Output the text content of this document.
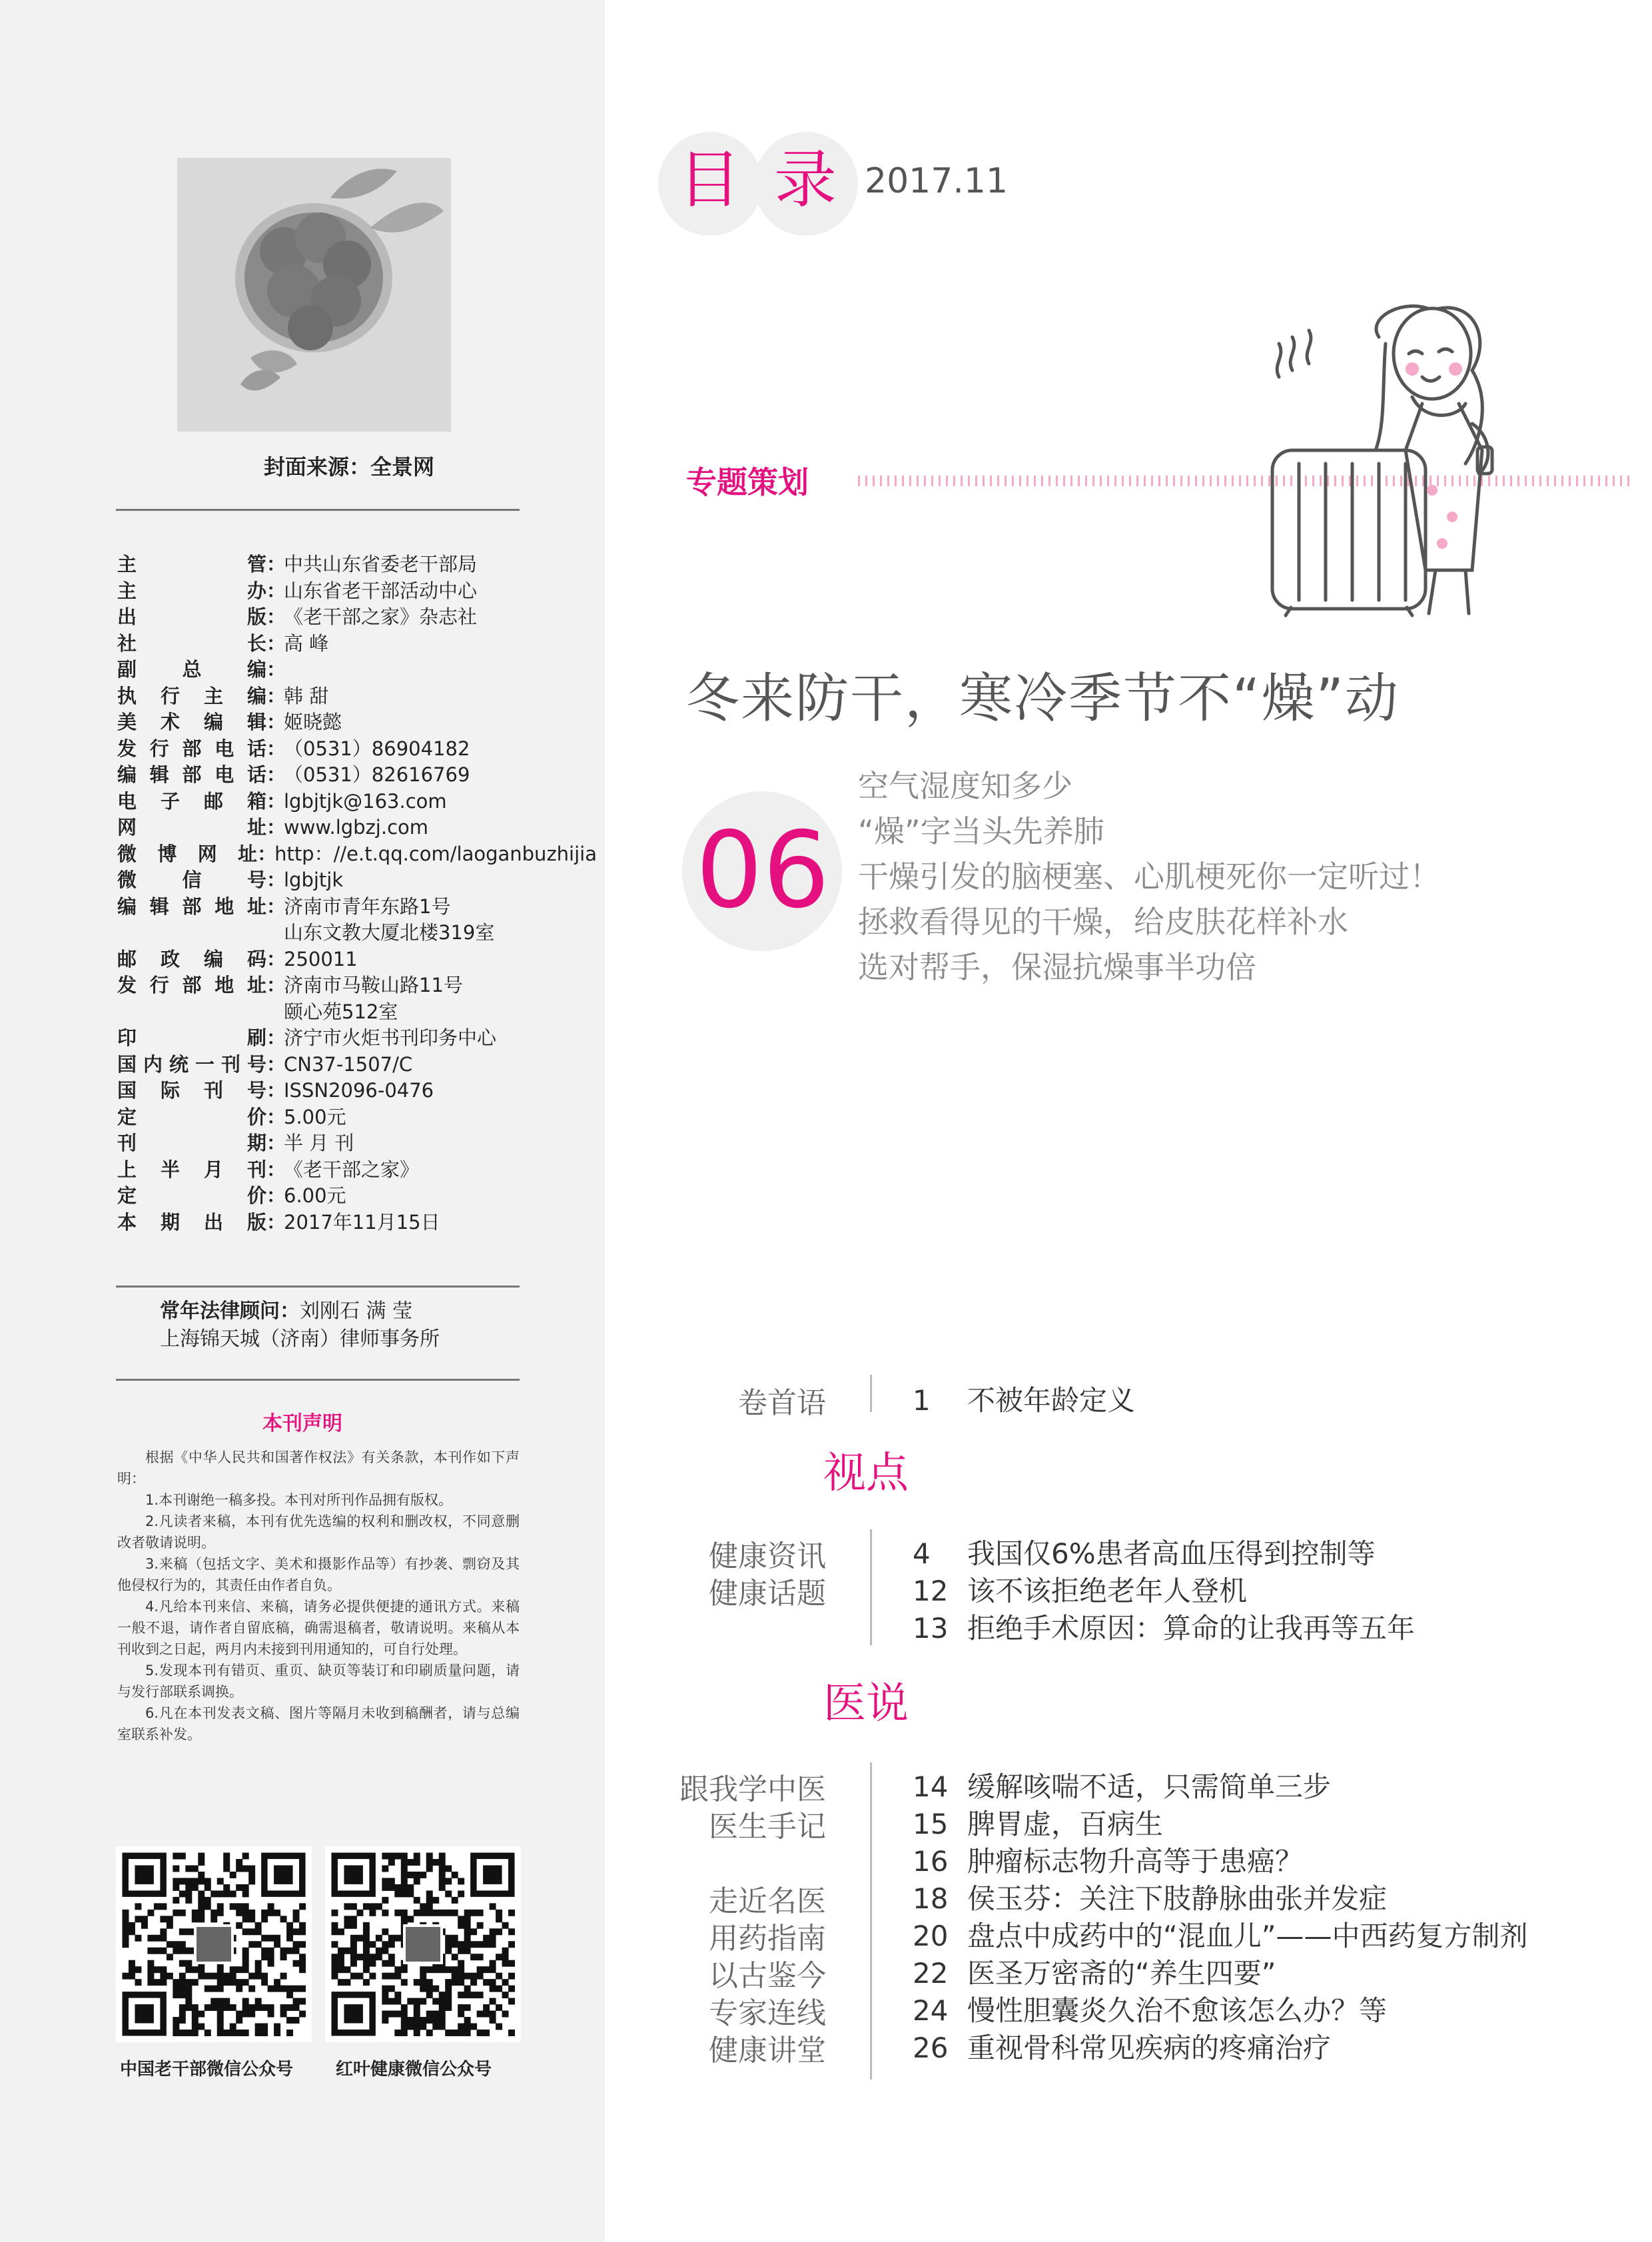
封面来源：全景网
主管 ：
中共山东省委老干部局
主办 ：
山东省老干部活动中心
出版 ：
《老干部之家》杂志社
社长 ：
高 峰
副总编 ：
执行主编 ：
韩 甜
美术编辑 ：
姬晓懿
发行部电话 ：
（0531）86904182
编辑部电话 ：
（0531）82616769
电子邮箱 ：
lgbjtjk@163.com
网址 ：
www.lgbzj.com
微博网址 ：
http：//e.t.qq.com/laoganbuzhijia
微信号 ：
lgbjtjk
编辑部地址 ：
济南市青年东路1号
山东文教大厦北楼319室
邮政编码 ：
250011
发行部地址 ：
济南市马鞍山路11号
颐心苑512室
印刷 ：
济宁市火炬书刊印务中心
国内统一刊号 ：
CN37-1507/C
国际刊号 ：
ISSN2096-0476
定价 ：
5.00元
刊期 ：
半 月 刊
上半月刊 ：
《老干部之家》
定价 ：
6.00元
本期出版 ：
2017年11月15日
常年法律顾问：刘刚石 满 莹
上海锦天城（济南）律师事务所
本刊声明

根据《中华人民共和国著作权法》有关条款，本刊作如下声明：

1.本刊谢绝一稿多投。本刊对所刊作品拥有版权。

2.凡读者来稿，本刊有优先选编的权利和删改权，不同意删改者敬请说明。

3.来稿（包括文字、美术和摄影作品等）有抄袭、剽窃及其他侵权行为的，其责任由作者自负。

4.凡给本刊来信、来稿，请务必提供便捷的通讯方式。来稿一般不退，请作者自留底稿，确需退稿者，敬请说明。来稿从本刊收到之日起，两月内未接到刊用通知的，可自行处理。

5.发现本刊有错页、重页、缺页等装订和印刷质量问题，请与发行部联系调换。

6.凡在本刊发表文稿、图片等隔月未收到稿酬者，请与总编室联系补发。

中国老干部微信公众号 红叶健康微信公众号
目 录 2017.11
专题策划
冬来防干，寒冷季节不“燥”动
06
空气湿度知多少
“燥”字当头先养肺
干燥引发的脑梗塞、心肌梗死你一定听过！
拯救看得见的干燥，给皮肤花样补水
选对帮手，保湿抗燥事半功倍
卷首语	1 不被年龄定义
视点
健康资讯
健康话题
4 我国仅6%患者高血压得到控制等
12 该不该拒绝老年人登机
13 拒绝手术原因：算命的让我再等五年
医说
跟我学中医
医生手记
走近名医
用药指南
以古鉴今
专家连线
健康讲堂
14 缓解咳喘不适，只需简单三步
15 脾胃虚，百病生
16 肿瘤标志物升高等于患癌？
18 侯玉芬：关注下肢静脉曲张并发症
20 盘点中成药中的“混血儿”——中西药复方制剂
22 医圣万密斋的“养生四要”
24 慢性胆囊炎久治不愈该怎么办？等
26 重视骨科常见疾病的疼痛治疗
